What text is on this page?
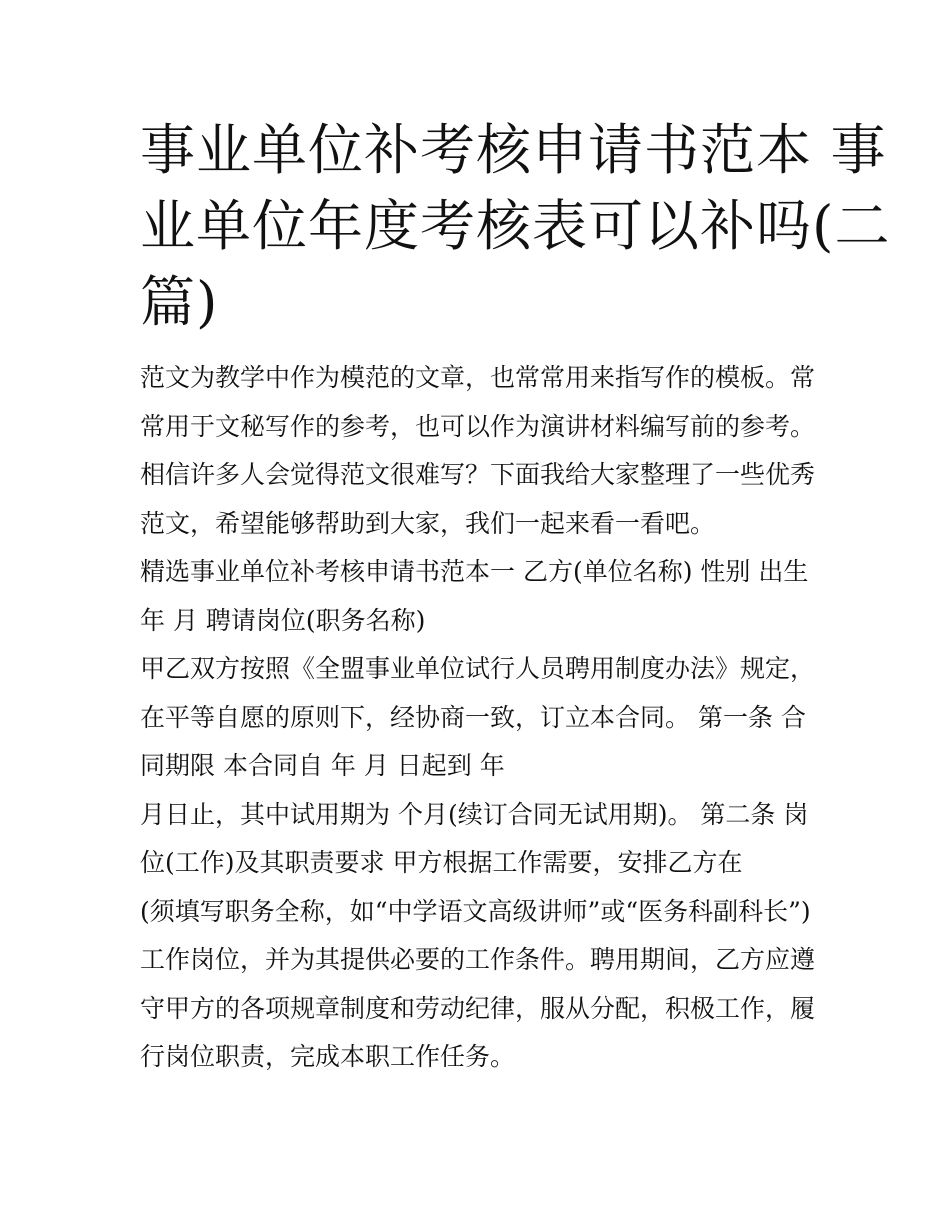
事业单位补考核申请书范本 事
业单位年度考核表可以补吗(二
篇)
范文为教学中作为模范的文章，也常常用来指写作的模板。常
常用于文秘写作的参考，也可以作为演讲材料编写前的参考。
相信许多人会觉得范文很难写？下面我给大家整理了一些优秀
范文，希望能够帮助到大家，我们一起来看一看吧。
精选事业单位补考核申请书范本一 乙方(单位名称) 性别 出生
年 月 聘请岗位(职务名称)
甲乙双方按照《全盟事业单位试行人员聘用制度办法》规定，
在平等自愿的原则下，经协商一致，订立本合同。 第一条 合
同期限 本合同自 年 月 日起到 年
月日止，其中试用期为 个月(续订合同无试用期)。 第二条 岗
位(工作)及其职责要求 甲方根据工作需要，安排乙方在
(须填写职务全称，如“中学语文高级讲师”或“医务科副科长”)
工作岗位，并为其提供必要的工作条件。聘用期间，乙方应遵
守甲方的各项规章制度和劳动纪律，服从分配，积极工作，履
行岗位职责，完成本职工作任务。
